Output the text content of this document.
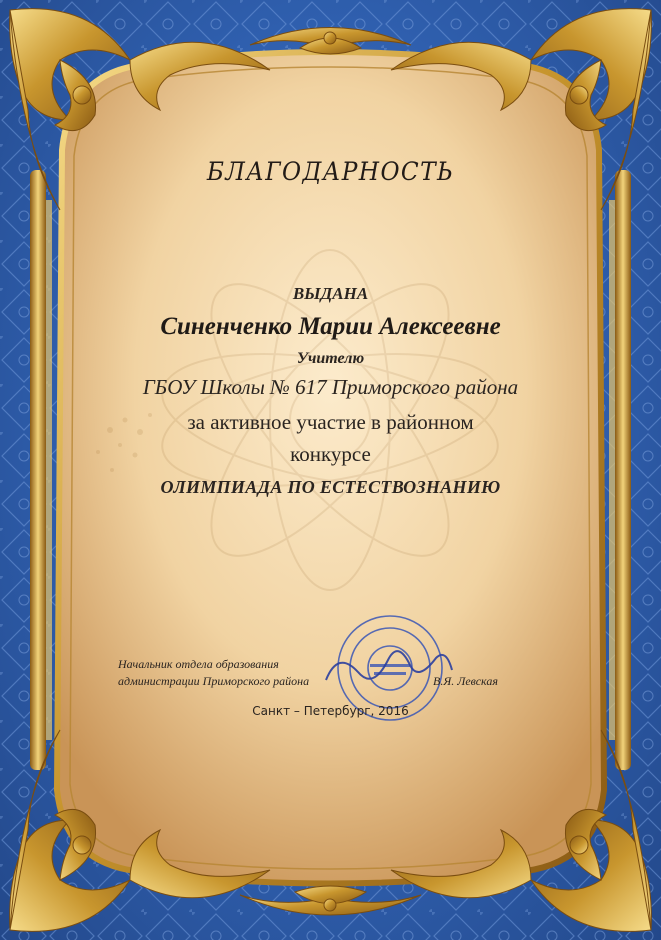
БЛАГОДАРНОСТЬ
ВЫДАНА
Синенченко Марии Алексеевне
Учителю
ГБОУ Школы № 617 Приморского района
за активное участие в районном
конкурсе
ОЛИМПИАДА ПО ЕСТЕСТВОЗНАНИЮ
Начальник отдела образования
администрации Приморского района	В.Я. Левская
Санкт – Петербург, 2016
